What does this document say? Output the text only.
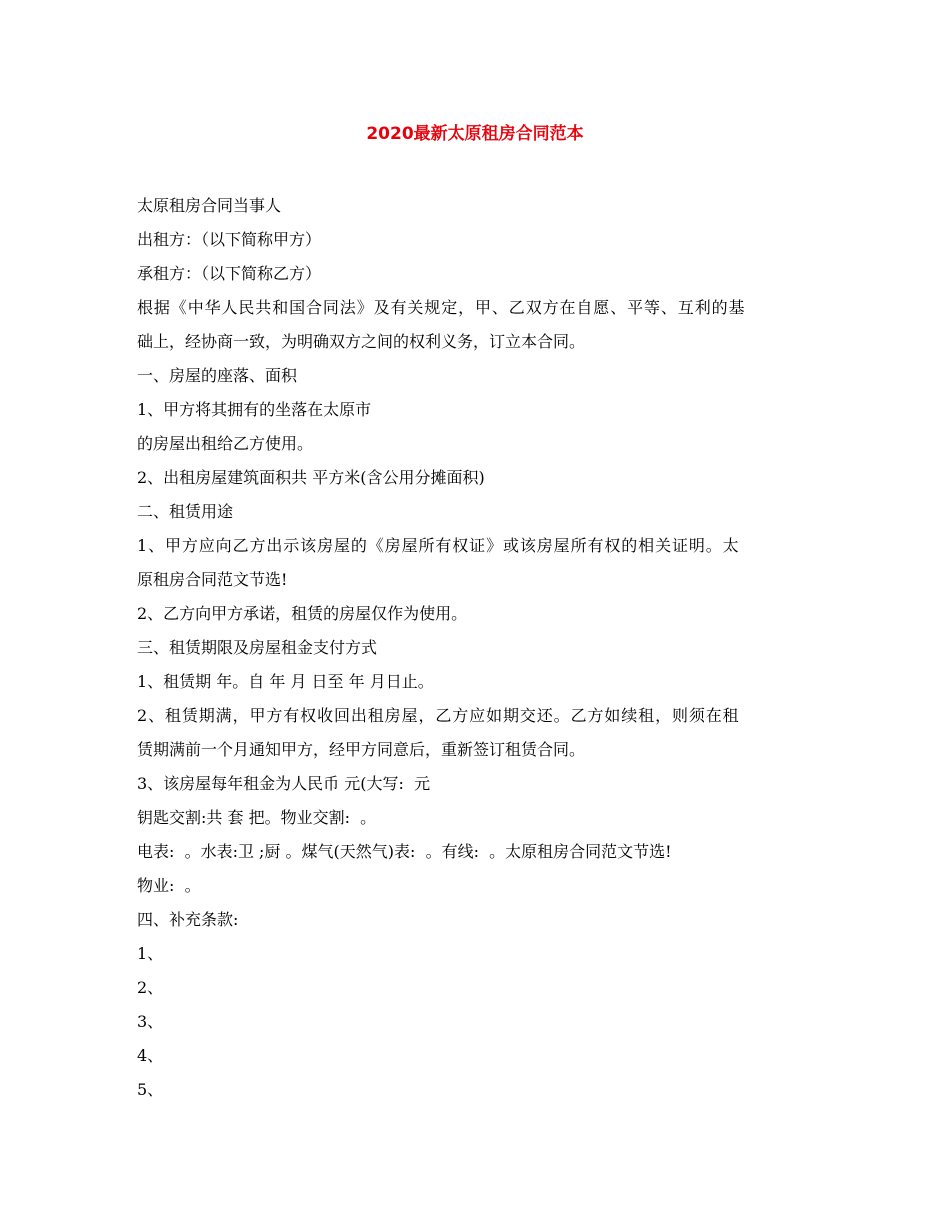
2020最新太原租房合同范本
太原租房合同当事人
出租方：（以下简称甲方）
承租方：（以下简称乙方）
根据《中华人民共和国合同法》及有关规定，甲、乙双方在自愿、平等、互利的基
础上，经协商一致，为明确双方之间的权利义务，订立本合同。
一、房屋的座落、面积
1、甲方将其拥有的坐落在太原市
的房屋出租给乙方使用。
2、出租房屋建筑面积共 平方米(含公用分摊面积)
二、租赁用途
1、甲方应向乙方出示该房屋的《房屋所有权证》或该房屋所有权的相关证明。太
原租房合同范文节选!
2、乙方向甲方承诺，租赁的房屋仅作为使用。
三、租赁期限及房屋租金支付方式
1、租赁期 年。自 年 月 日至 年 月日止。
2、租赁期满，甲方有权收回出租房屋，乙方应如期交还。乙方如续租，则须在租
赁期满前一个月通知甲方，经甲方同意后，重新签订租赁合同。
3、该房屋每年租金为人民币 元(大写:  元
钥匙交割:共 套 把。物业交割:  。
电表:  。水表:卫 ;厨 。煤气(天然气)表:  。有线:  。太原租房合同范文节选!
物业:  。
四、补充条款:
1、
2、
3、
4、
5、
